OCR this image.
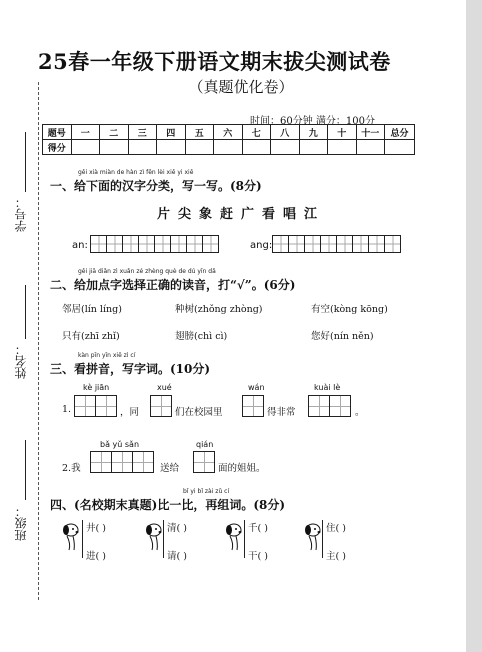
学号：
姓名：
班级：
25春一年级下册语文期末拔尖测试卷
（真题优化卷）
时间：60分钟 满分：100分
题号	一	二	三	四	五	六	七	八	九	十	十一	总分
得分												
gěi xià miàn de hàn zì fēn lèi xiě yi xiě
一、给下面的汉字分类，写一写。(8分)
片尖象赶广看唱江
an:	ang:
gěi jiā diǎn zì xuǎn zé zhèng què de dú yīn dǎ
二、给加点字选择正确的读音，打“√”。(6分)
邻居(lín líng)	种树(zhǒng zhòng)	有空(kòng kōng)
只有(zhī zhǐ)	翅膀(chì cì)	您好(nín něn)
kàn pīn yīn xiě zì cí
三、看拼音，写字词。(10分)
kè jiān	xué	wán	kuài lè
1.	，同	们在校园里	得非常	。
bǎ yǔ sǎn	qián
2.我	送给	面的姐姐。
bǐ yi bǐ zài zǔ cí
四、(名校期末真题)比一比，再组词。(8分)
井( )
进( )
清( )
请( )
千( )
干( )
住( )
主( )
